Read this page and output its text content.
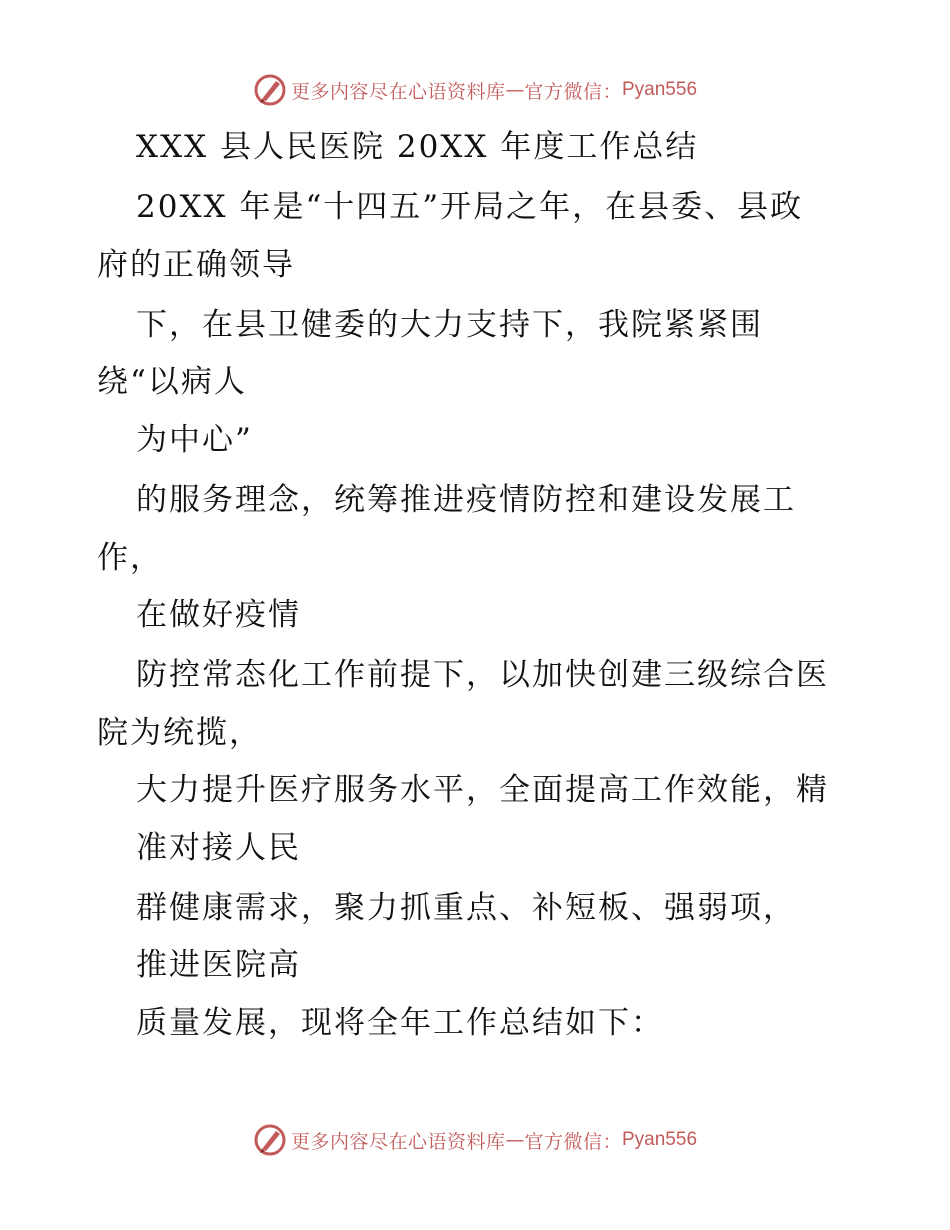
更多内容尽在心语资料库 — 官方微信： Pyan556

XXX 县人民医院 20XX 年度工作总结

20XX 年是“十四五”开局之年，在县委、县政

府的正确领导

下，在县卫健委的大力支持下，我院紧紧围

绕“以病人

为中心”

的服务理念，统筹推进疫情防控和建设发展工

作，

在做好疫情

防控常态化工作前提下，以加快创建三级综合医

院为统揽，

大力提升医疗服务水平，全面提高工作效能，精

准对接人民

群健康需求，聚力抓重点、补短板、强弱项，

推进医院高

质量发展，现将全年工作总结如下：

更多内容尽在心语资料库 — 官方微信： Pyan556
